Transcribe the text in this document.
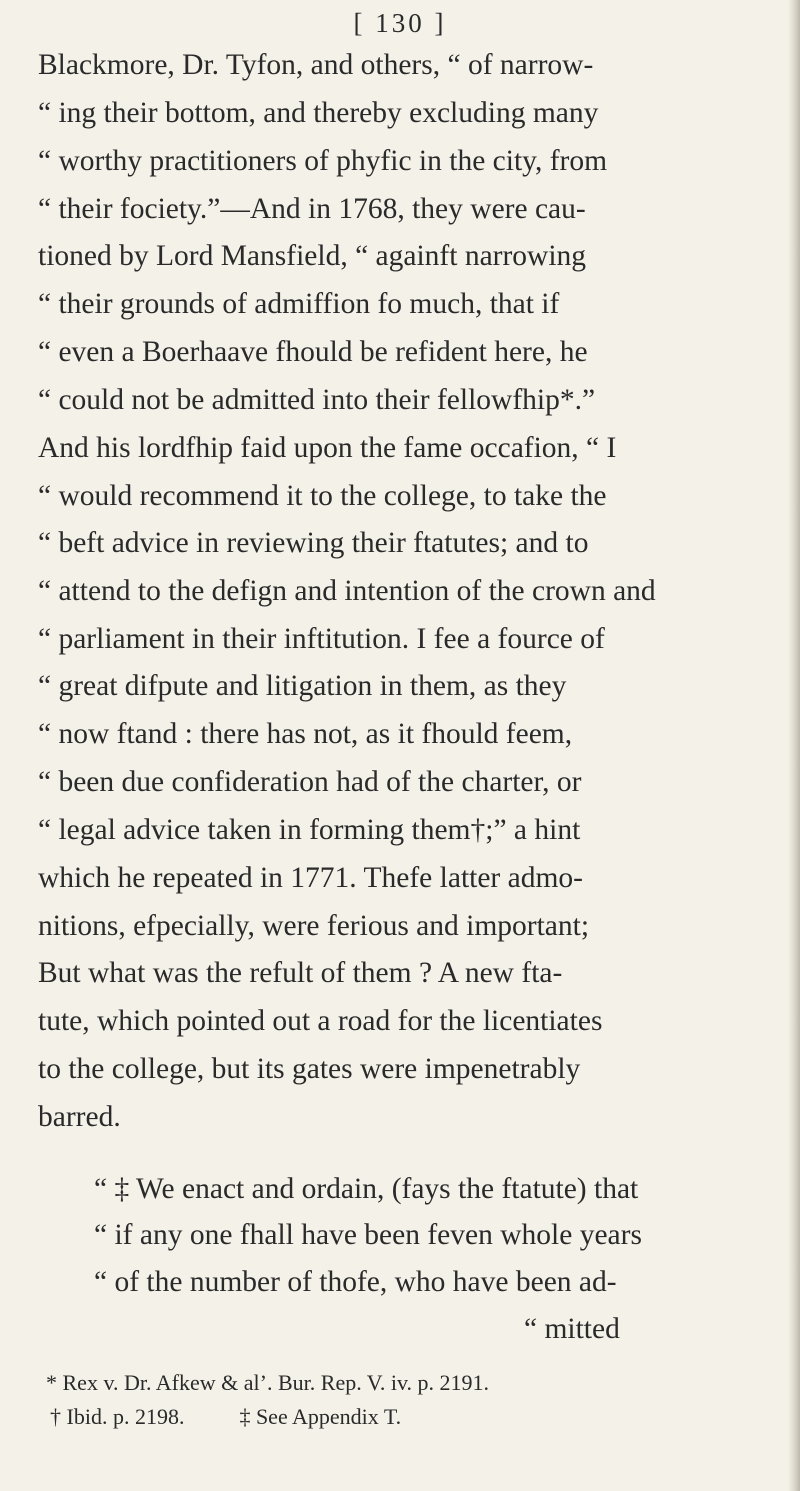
[ 130 ]
Blackmore, Dr. Tyfon, and others, “ of narrow-
“ ing their bottom, and thereby excluding many
“ worthy practitioners of phyfic in the city, from
“ their fociety.”—And in 1768, they were cau-
tioned by Lord Mansfield, “ againft narrowing
“ their grounds of admiffion fo much, that if
“ even a Boerhaave fhould be refident here, he
“ could not be admitted into their fellowfhip*.”
And his lordfhip faid upon the fame occafion, “ I
“ would recommend it to the college, to take the
“ beft advice in reviewing their ftatutes; and to
“ attend to the defign and intention of the crown and
“ parliament in their inftitution. I fee a fource of
“ great difpute and litigation in them, as they
“ now ftand : there has not, as it fhould feem,
“ been due confideration had of the charter, or
“ legal advice taken in forming them†;” a hint
which he repeated in 1771. Thefe latter admo-
nitions, efpecially, were ferious and important;
But what was the refult of them ? A new fta-
tute, which pointed out a road for the licentiates
to the college, but its gates were impenetrably
barred.
“ ‡ We enact and ordain, (fays the ftatute) that
“ if any one fhall have been feven whole years
“ of the number of thofe, who have been ad-
“ mitted
* Rex v. Dr. Afkew & al’. Bur. Rep. V. iv. p. 2191.
† Ibid. p. 2198.          ‡ See Appendix T.
